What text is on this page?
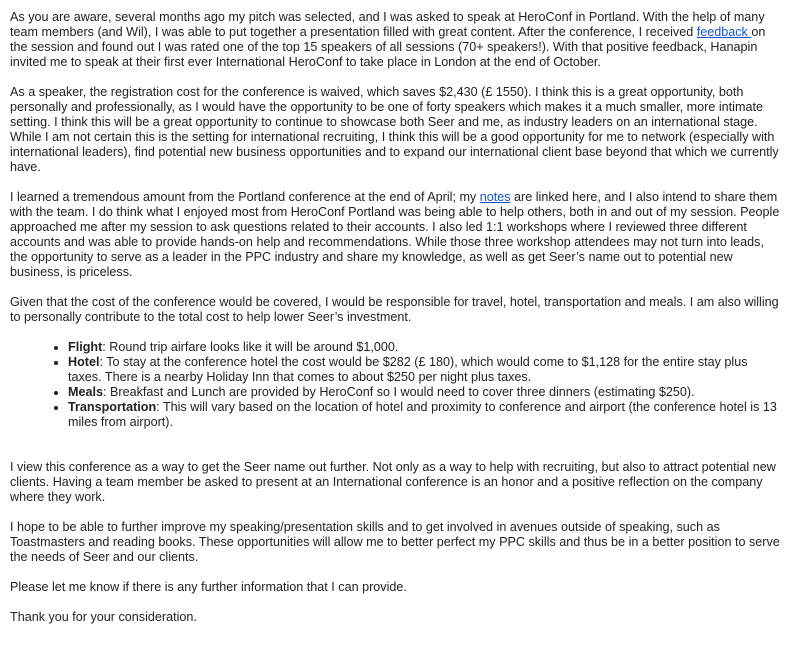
As you are aware, several months ago my pitch was selected, and I was asked to speak at HeroConf in Portland. With the help of many team members (and Wil), I was able to put together a presentation filled with great content. After the conference, I received feedback on the session and found out I was rated one of the top 15 speakers of all sessions (70+ speakers!). With that positive feedback, Hanapin invited me to speak at their first ever International HeroConf to take place in London at the end of October.

As a speaker, the registration cost for the conference is waived, which saves $2,430 (£ 1550). I think this is a great opportunity, both personally and professionally, as I would have the opportunity to be one of forty speakers which makes it a much smaller, more intimate setting. I think this will be a great opportunity to continue to showcase both Seer and me, as industry leaders on an international stage. While I am not certain this is the setting for international recruiting, I think this will be a good opportunity for me to network (especially with international leaders), find potential new business opportunities and to expand our international client base beyond that which we currently have.

I learned a tremendous amount from the Portland conference at the end of April; my notes are linked here, and I also intend to share them with the team. I do think what I enjoyed most from HeroConf Portland was being able to help others, both in and out of my session. People approached me after my session to ask questions related to their accounts. I also led 1:1 workshops where I reviewed three different accounts and was able to provide hands-on help and recommendations. While those three workshop attendees may not turn into leads, the opportunity to serve as a leader in the PPC industry and share my knowledge, as well as get Seer’s name out to potential new business, is priceless.

Given that the cost of the conference would be covered, I would be responsible for travel, hotel, transportation and meals. I am also willing to personally contribute to the total cost to help lower Seer’s investment.

• Flight: Round trip airfare looks like it will be around $1,000.
• Hotel: To stay at the conference hotel the cost would be $282 (£ 180), which would come to $1,128 for the entire stay plus taxes. There is a nearby Holiday Inn that comes to about $250 per night plus taxes.
• Meals: Breakfast and Lunch are provided by HeroConf so I would need to cover three dinners (estimating $250).
• Transportation: This will vary based on the location of hotel and proximity to conference and airport (the conference hotel is 13 miles from airport).

I view this conference as a way to get the Seer name out further. Not only as a way to help with recruiting, but also to attract potential new clients. Having a team member be asked to present at an International conference is an honor and a positive reflection on the company where they work.

I hope to be able to further improve my speaking/presentation skills and to get involved in avenues outside of speaking, such as Toastmasters and reading books. These opportunities will allow me to better perfect my PPC skills and thus be in a better position to serve the needs of Seer and our clients.

Please let me know if there is any further information that I can provide.

Thank you for your consideration.
